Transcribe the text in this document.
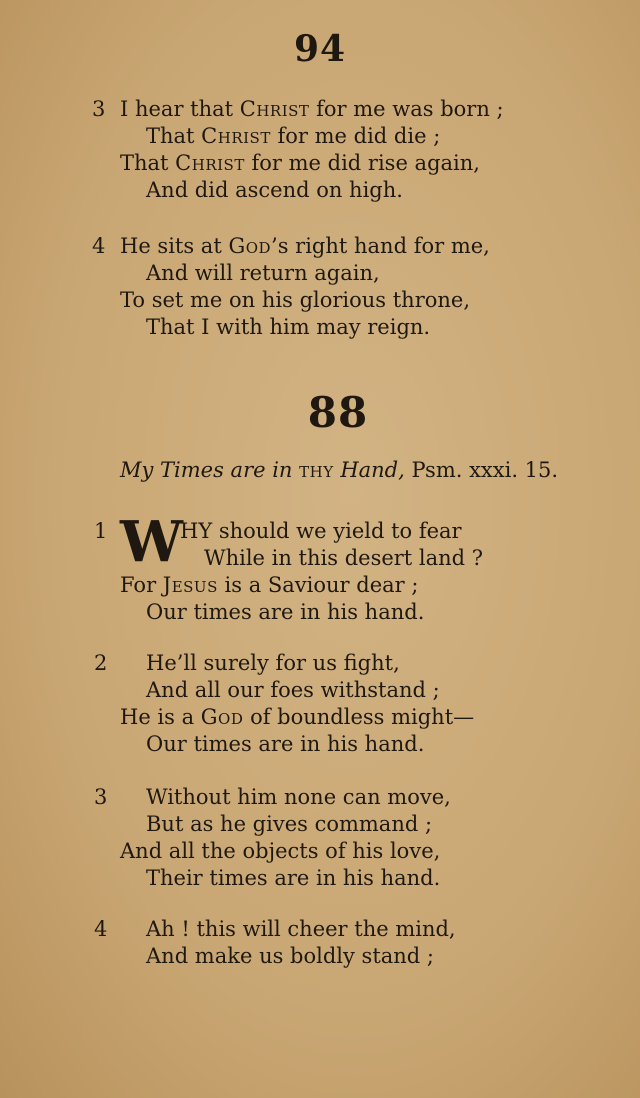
94
3 I hear that Christ for me was born ;
That Christ for me did die ;
That Christ for me did rise again,
And did ascend on high.
4 He sits at God’s right hand for me,
And will return again,
To set me on his glorious throne,
That I with him may reign.
88
My Times are in thy Hand, Psm. xxxi. 15.
1 W
HY should we yield to fear
While in this desert land ?
For Jesus is a Saviour dear ;
Our times are in his hand.
2 He’ll surely for us fight,
And all our foes withstand ;
He is a God of boundless might—
Our times are in his hand.
3 Without him none can move,
But as he gives command ;
And all the objects of his love,
Their times are in his hand.
4 Ah ! this will cheer the mind,
And make us boldly stand ;
